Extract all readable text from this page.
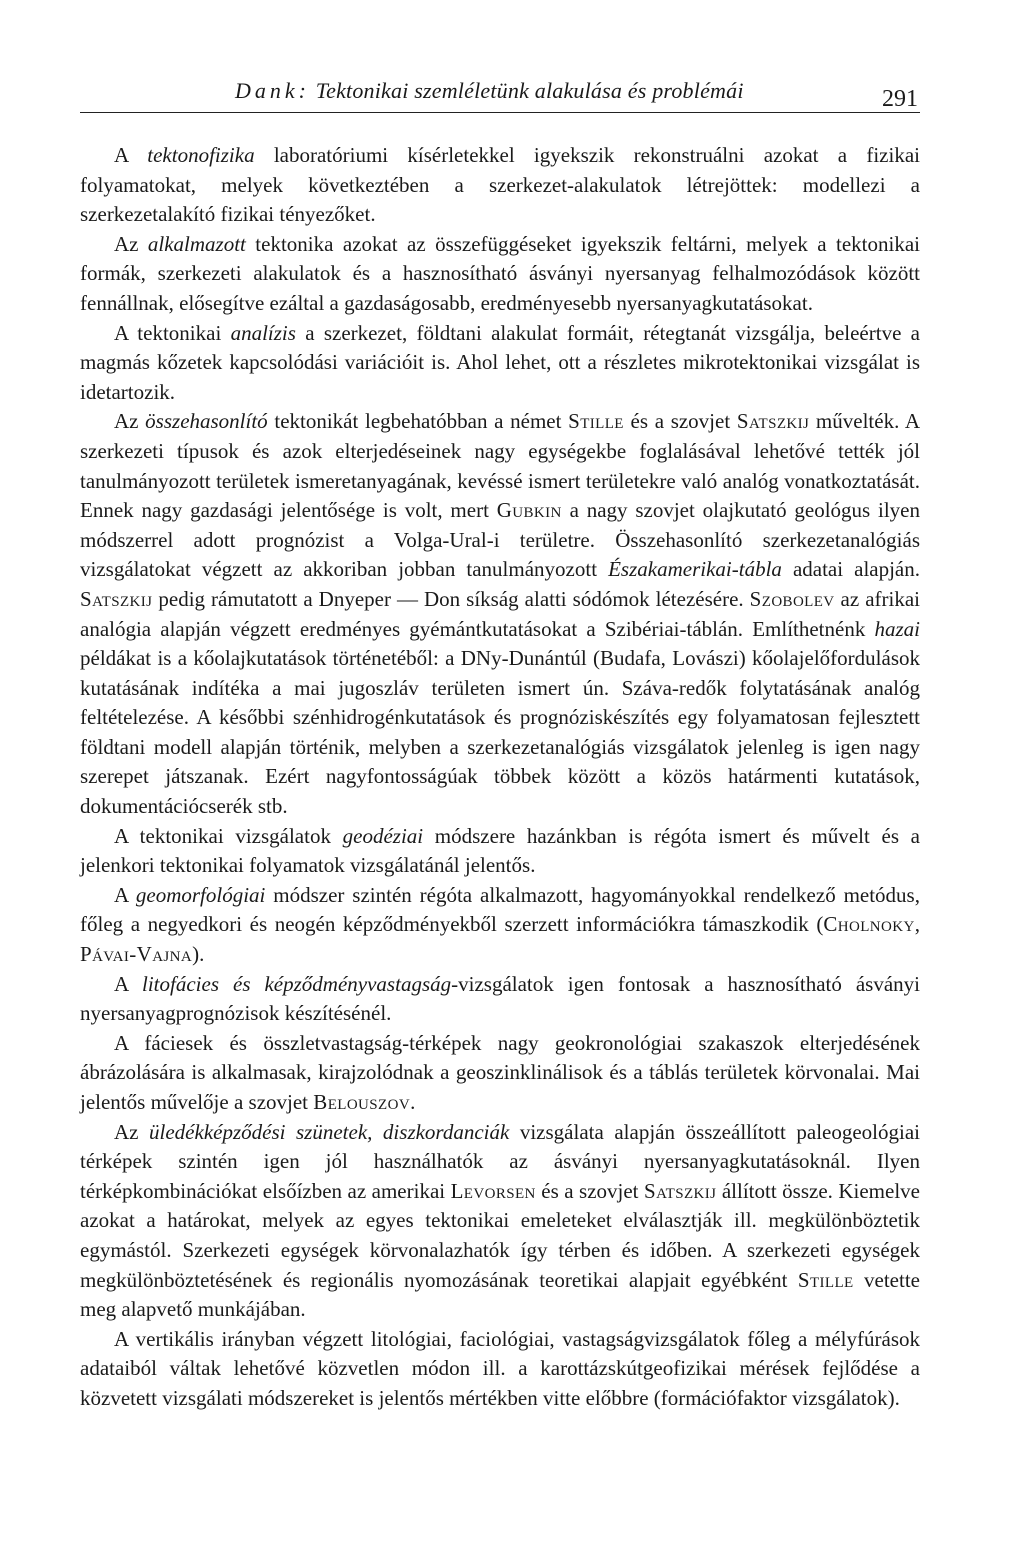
Dank: Tektonikai szemléletünk alakulása és problémái	291

A tektonofizika laboratóriumi kísérletekkel igyekszik rekonstruálni azokat a fizikai folyamatokat, melyek következtében a szerkezet-alakulatok létrejöttek: modellezi a szerkezetalakító fizikai tényezőket.

Az alkalmazott tektonika azokat az összefüggéseket igyekszik feltárni, melyek a tektonikai formák, szerkezeti alakulatok és a hasznosítható ásványi nyersanyag felhalmozódások között fennállnak, elősegítve ezáltal a gazdaságosabb, eredményesebb nyersanyagkutatásokat.

A tektonikai analízis a szerkezet, földtani alakulat formáit, rétegtanát vizsgálja, beleértve a magmás kőzetek kapcsolódási variációit is. Ahol lehet, ott a részletes mikrotektonikai vizsgálat is idetartozik.

Az összehasonlító tektonikát legbehatóbban a német Stille és a szovjet Satszkij művelték. A szerkezeti típusok és azok elterjedéseinek nagy egységekbe foglalásával lehetővé tették jól tanulmányozott területek ismeretanyagának, kevéssé ismert területekre való analóg vonatkoztatását. Ennek nagy gazdasági jelentősége is volt, mert Gubkin a nagy szovjet olajkutató geológus ilyen módszerrel adott prognózist a Volga-Ural-i területre. Összehasonlító szerkezetanalógiás vizsgálatokat végzett az akkoriban jobban tanulmányozott Északamerikai-tábla adatai alapján. Satszkij pedig rámutatott a Dnyeper — Don síkság alatti sódómok létezésére. Szobolev az afrikai analógia alapján végzett eredményes gyémántkutatásokat a Szibériai-táblán. Említhetnénk hazai példákat is a kőolajkutatások történetéből: a DNy-Dunántúl (Budafa, Lovászi) kőolajelőfordulások kutatásának indítéka a mai jugoszláv területen ismert ún. Száva-redők folytatásának analóg feltételezése. A későbbi szénhidrogénkutatások és prognóziskészítés egy folyamatosan fejlesztett földtani modell alapján történik, melyben a szerkezetanalógiás vizsgálatok jelenleg is igen nagy szerepet játszanak. Ezért nagyfontosságúak többek között a közös határmenti kutatások, dokumentációcserék stb.

A tektonikai vizsgálatok geodéziai módszere hazánkban is régóta ismert és művelt és a jelenkori tektonikai folyamatok vizsgálatánál jelentős.

A geomorfológiai módszer szintén régóta alkalmazott, hagyományokkal rendelkező metódus, főleg a negyedkori és neogén képződményekből szerzett információkra támaszkodik (Cholnoky, Pávai-Vajna).

A litofácies és képződményvastagság-vizsgálatok igen fontosak a hasznosítható ásványi nyersanyagprognózisok készítésénél.

A fáciesek és összletvastagság-térképek nagy geokronológiai szakaszok elterjedésének ábrázolására is alkalmasak, kirajzolódnak a geoszinklinálisok és a táblás területek körvonalai. Mai jelentős művelője a szovjet Belouszov.

Az üledékképződési szünetek, diszkordanciák vizsgálata alapján összeállított paleogeológiai térképek szintén igen jól használhatók az ásványi nyersanyagkutatásoknál. Ilyen térképkombinációkat elsőízben az amerikai Levorsen és a szovjet Satszkij állított össze. Kiemelve azokat a határokat, melyek az egyes tektonikai emeleteket elválasztják ill. megkülönböztetik egymástól. Szerkezeti egységek körvonalazhatók így térben és időben. A szerkezeti egységek megkülönböztetésének és regionális nyomozásának teoretikai alapjait egyébként Stille vetette meg alapvető munkájában.

A vertikális irányban végzett litológiai, faciológiai, vastagságvizsgálatok főleg a mélyfúrások adataiból váltak lehetővé közvetlen módon ill. a karottázskútgeofizikai mérések fejlődése a közvetett vizsgálati módszereket is jelentős mértékben vitte előbbre (formációfaktor vizsgálatok).
